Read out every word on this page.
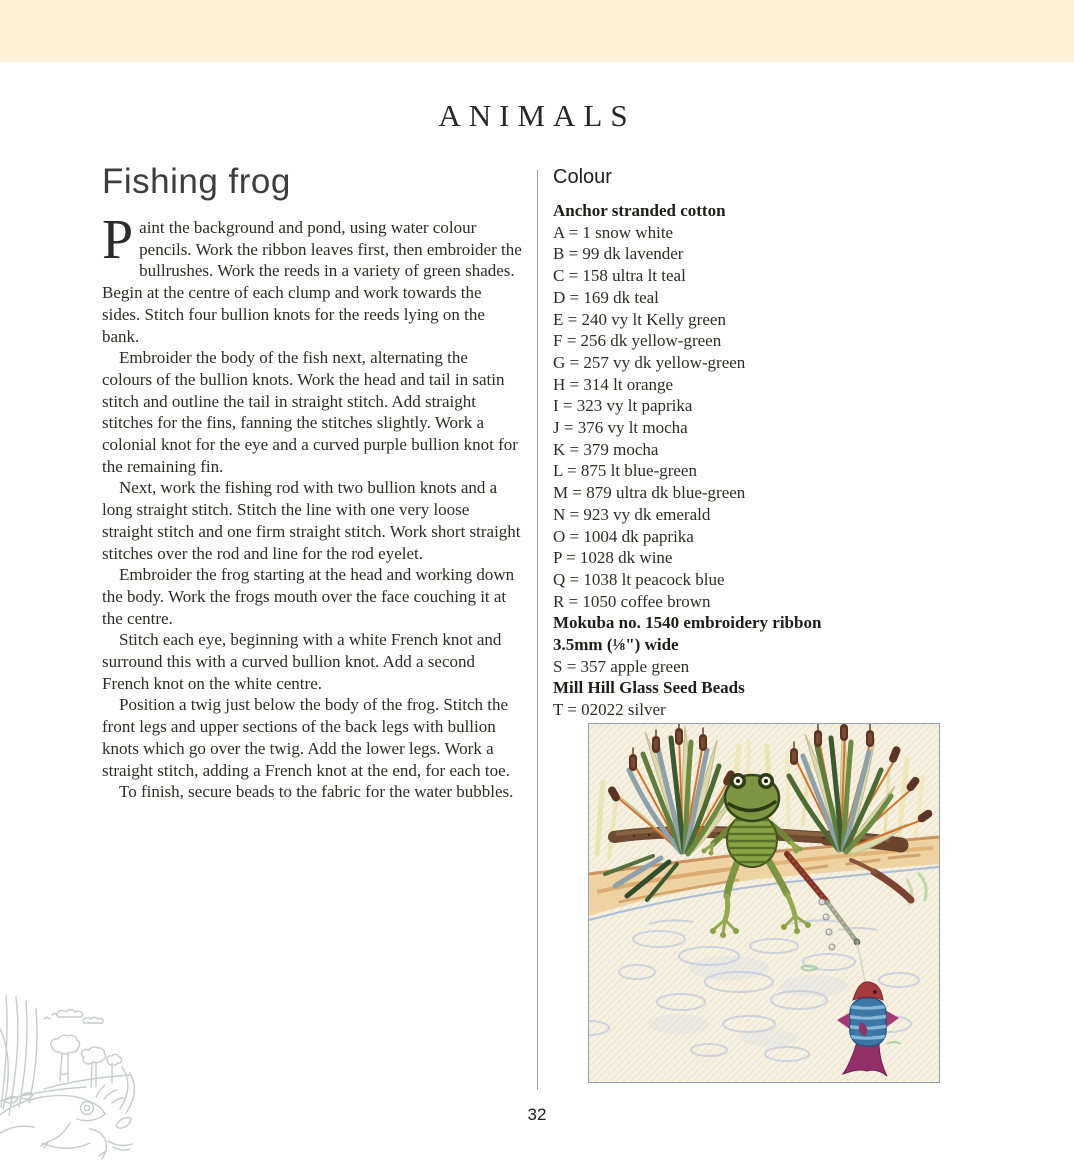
ANIMALS
Fishing frog

Paint the background and pond, using water colour pencils. Work the ribbon leaves first, then embroider the bullrushes. Work the reeds in a variety of green shades. Begin at the centre of each clump and work towards the sides. Stitch four bullion knots for the reeds lying on the bank.

Embroider the body of the fish next, alternating the colours of the bullion knots. Work the head and tail in satin stitch and outline the tail in straight stitch. Add straight stitches for the fins, fanning the stitches slightly. Work a colonial knot for the eye and a curved purple bullion knot for the remaining fin.

Next, work the fishing rod with two bullion knots and a long straight stitch. Stitch the line with one very loose straight stitch and one firm straight stitch. Work short straight stitches over the rod and line for the rod eyelet.

Embroider the frog starting at the head and working down the body. Work the frogs mouth over the face couching it at the centre.

Stitch each eye, beginning with a white French knot and surround this with a curved bullion knot. Add a second French knot on the white centre.

Position a twig just below the body of the frog. Stitch the front legs and upper sections of the back legs with bullion knots which go over the twig. Add the lower legs. Work a straight stitch, adding a French knot at the end, for each toe.

To finish, secure beads to the fabric for the water bubbles.

Colour
Anchor stranded cotton
A = 1 snow white
B = 99 dk lavender
C = 158 ultra lt teal
D = 169 dk teal
E = 240 vy lt Kelly green
F = 256 dk yellow-green
G = 257 vy dk yellow-green
H = 314 lt orange
I = 323 vy lt paprika
J = 376 vy lt mocha
K = 379 mocha
L = 875 lt blue-green
M = 879 ultra dk blue-green
N = 923 vy dk emerald
O = 1004 dk paprika
P = 1028 dk wine
Q = 1038 lt peacock blue
R = 1050 coffee brown
Mokuba no. 1540 embroidery ribbon
3.5mm (⅛") wide
S = 357 apple green
Mill Hill Glass Seed Beads
T = 02022 silver

32
